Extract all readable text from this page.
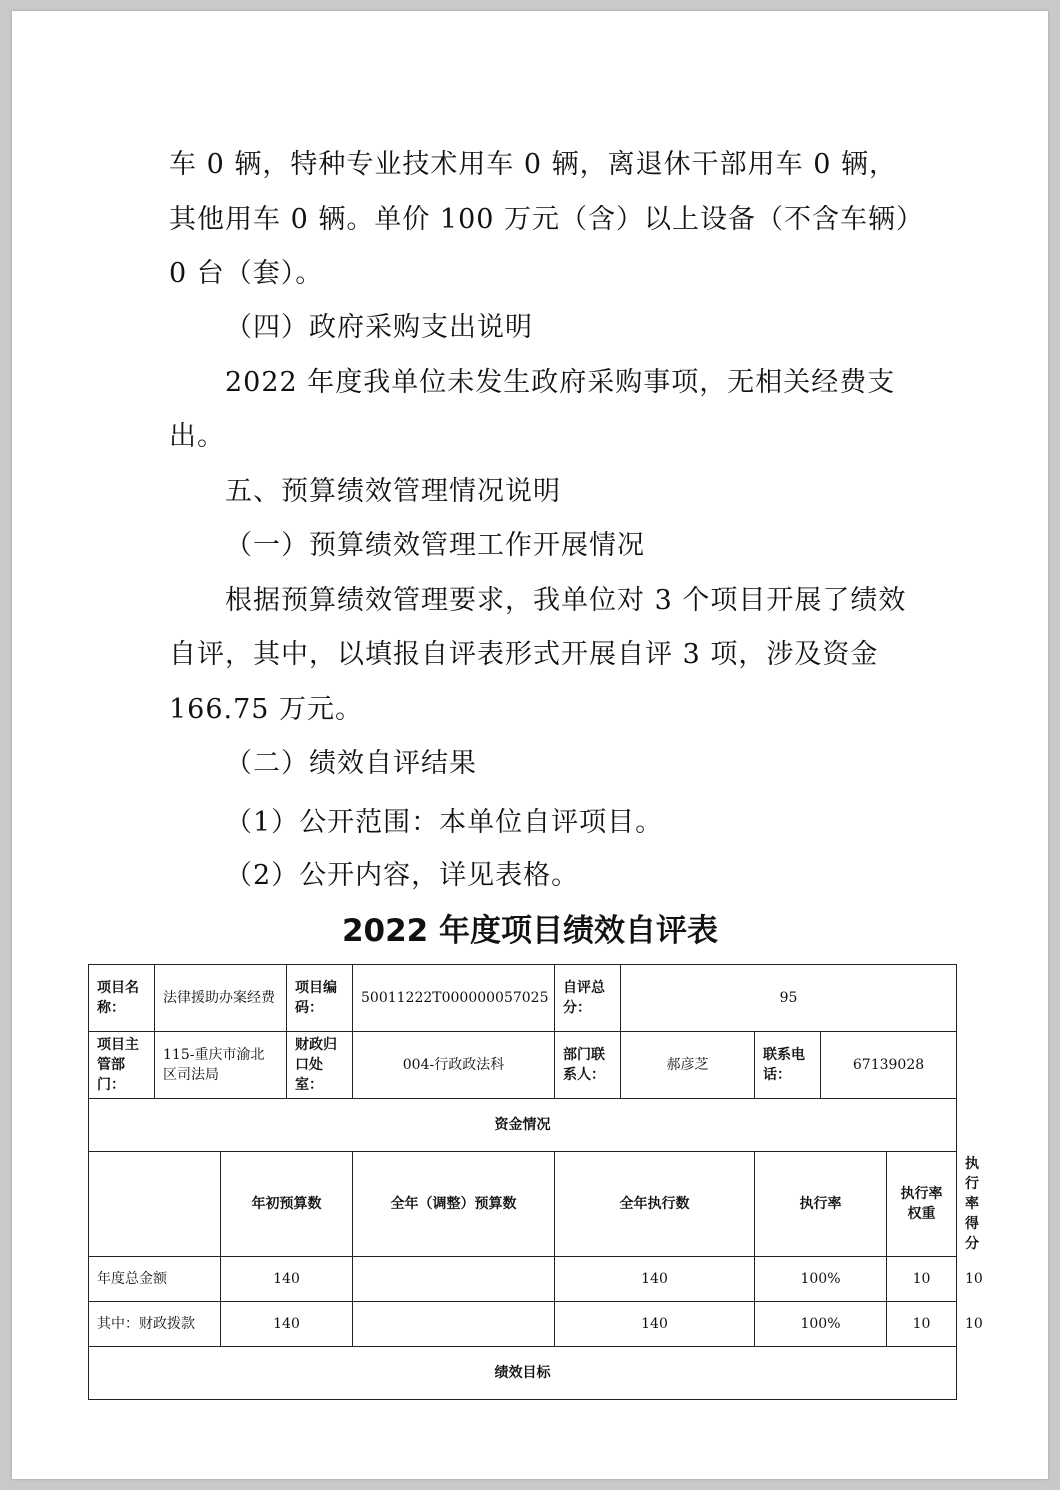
车 0 辆，特种专业技术用车 0 辆，离退休干部用车 0 辆，

其他用车 0 辆。单价 100 万元（含）以上设备（不含车辆）

0 台（套）。

（四）政府采购支出说明

2022 年度我单位未发生政府采购事项，无相关经费支

出。

五、预算绩效管理情况说明

（一）预算绩效管理工作开展情况

根据预算绩效管理要求，我单位对 3 个项目开展了绩效

自评，其中，以填报自评表形式开展自评 3 项，涉及资金

166.75 万元。

（二）绩效自评结果

（1）公开范围：本单位自评项目。

（2）公开内容，详见表格。

2022 年度项目绩效自评表
项目名称：	法律援助办案经费		项目编码：	50011222T000000057025	自评总分：	95				
项目主管部门：	115-重庆市渝北区司法局		财政归口处室：	004-行政政法科	部门联系人：	郝彦芝	联系电话：	67139028		
资金情况										
		年初预算数		全年（调整）预算数	全年执行数		执行率		执行率权重	执行率得分
年度总金额		140			140		100%		10	10
其中：财政拨款		140			140		100%		10	10
绩效目标										
